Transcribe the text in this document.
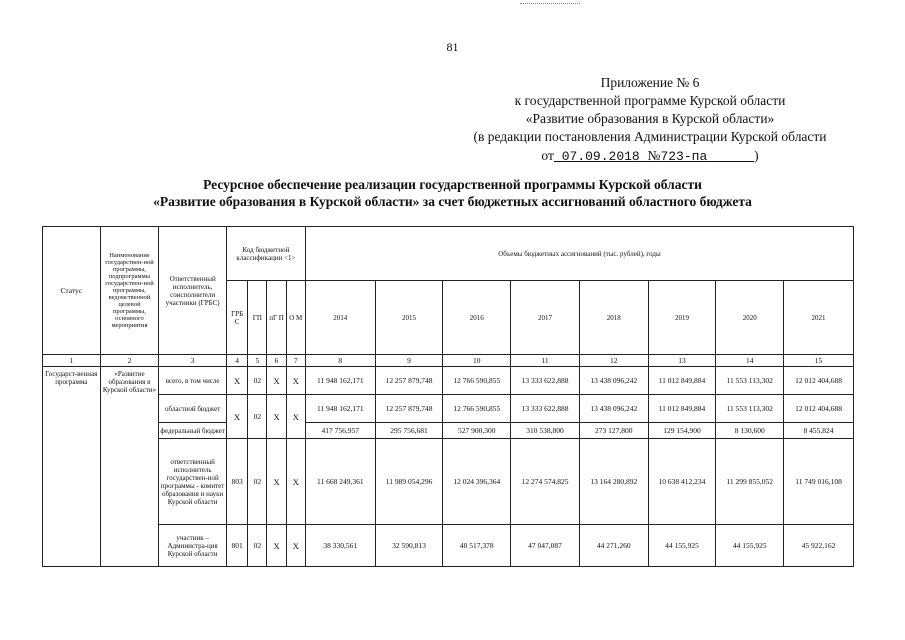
81
Приложение № 6
к государственной программе Курской области
«Развитие образования в Курской области»
(в редакции постановления Администрации Курской области
от 07.09.2018 №723-па	)
Ресурсное обеспечение реализации государственной программы Курской области
«Развитие образования в Курской области» за счет бюджетных ассигнований областного бюджета
Статус	Наименование государствен-ной программы, подпрограммы государствен-ной программы, ведомственной целевой программы, основного мероприятия	Ответственный исполнитель, соисполнители участники (ГРБС)	Код бюджетной классификации <1>				Объемы бюджетных ассигнований (тыс. рублей), годы							
			ГРБ С	ГП	пГ П	О М	2014	2015	2016	2017	2018	2019	2020	2021
1	2	3	4	5	6	7	8	9	10	11	12	13	14	15
Государст-венная программа	«Развитие образования в Курской области»	всего, в том числе	Х	02	Х	Х	11 948 162,171	12 257 879,748	12 766 590,855	13 333 622,888	13 438 096,242	11 012 849,884	11 553 113,302	12 012 404,688
		областной бюджет	Х	02	Х	Х	11 948 162,171	12 257 879,748	12 766 590,855	13 333 622,888	13 438 096,242	11 012 849,884	11 553 113,302	12 012 404,688
		федеральный бюджет					417 756,957	295 756,681	527 900,300	310 538,800	273 127,800	129 154,900	8 130,600	8 455,824
		ответственный исполнитель государствен-ной программы - комитет образования и науки Курской области	803	02	Х	Х	11 668 249,361	11 989 054,296	12 024 396,364	12 274 574,825	13 164 280,892	10 638 412,234	11 299 855,052	11 749 016,108
		участник – Администра-ция Курской области	801	02	Х	Х	38 330,561	32 590,813	40 517,378	47 047,087	44 271,260	44 155,925	44 155,925	45 922,162
